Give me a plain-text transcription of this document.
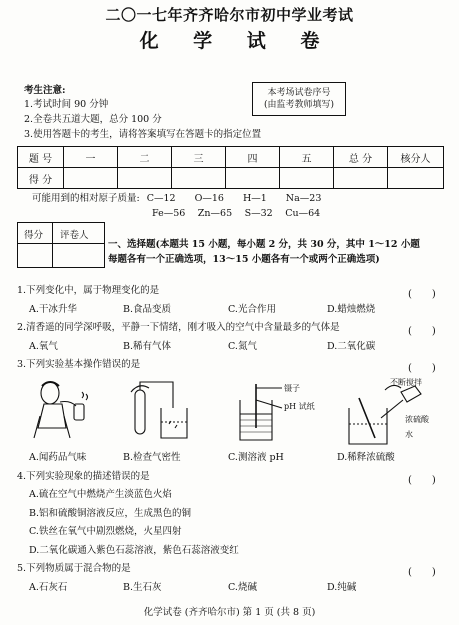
二〇一七年齐齐哈尔市初中学业考试
化 学 试 卷
考生注意:
1.考试时间 90 分钟
2.全卷共五道大题，总分 100 分
3.使用答题卡的考生，请将答案填写在答题卡的指定位置
本考场试卷序号
(由监考教师填写)
题 号	一	二	三	四	五	总 分	核分人
得 分							
可能用到的相对原子质量: C—12　　O—16　　H—1　　Na—23
Fe—56　 Zn—65　 S—32　 Cu—64
得分 评卷人
一、选择题(本题共 15 小题，每小题 2 分，共 30 分，其中 1～12 小题
每题各有一个正确选项，13～15 小题各有一个或两个正确选项)
1.下列变化中，属于物理变化的是	(　　)
A.干冰升华	B.食品变质	C.光合作用	D.蜡烛燃烧
2.清香遥的同学深呼吸，平静一下情绪，刚才吸入的空气中含量最多的气体是	(　　)
A.氧气	B.稀有气体	C.氮气	D.二氧化碳
3.下列实验基本操作错误的是	(　　)
镊子
pH 试纸
不断搅拌
浓硫酸
水
A.闻药品气味	B.检查气密性	C.测溶液 pH	D.稀释浓硫酸
4.下列实验现象的描述错误的是	(　　)
A.硫在空气中燃烧产生淡蓝色火焰
B.铝和硫酸铜溶液反应，生成黑色的铜
C.铁丝在氧气中剧烈燃烧，火星四射
D.二氧化碳通入紫色石蕊溶液，紫色石蕊溶液变红
5.下列物质属于混合物的是	(　　)
A.石灰石	B.生石灰	C.烧碱	D.纯碱
化学试卷 (齐齐哈尔市) 第 1 页 (共 8 页)
